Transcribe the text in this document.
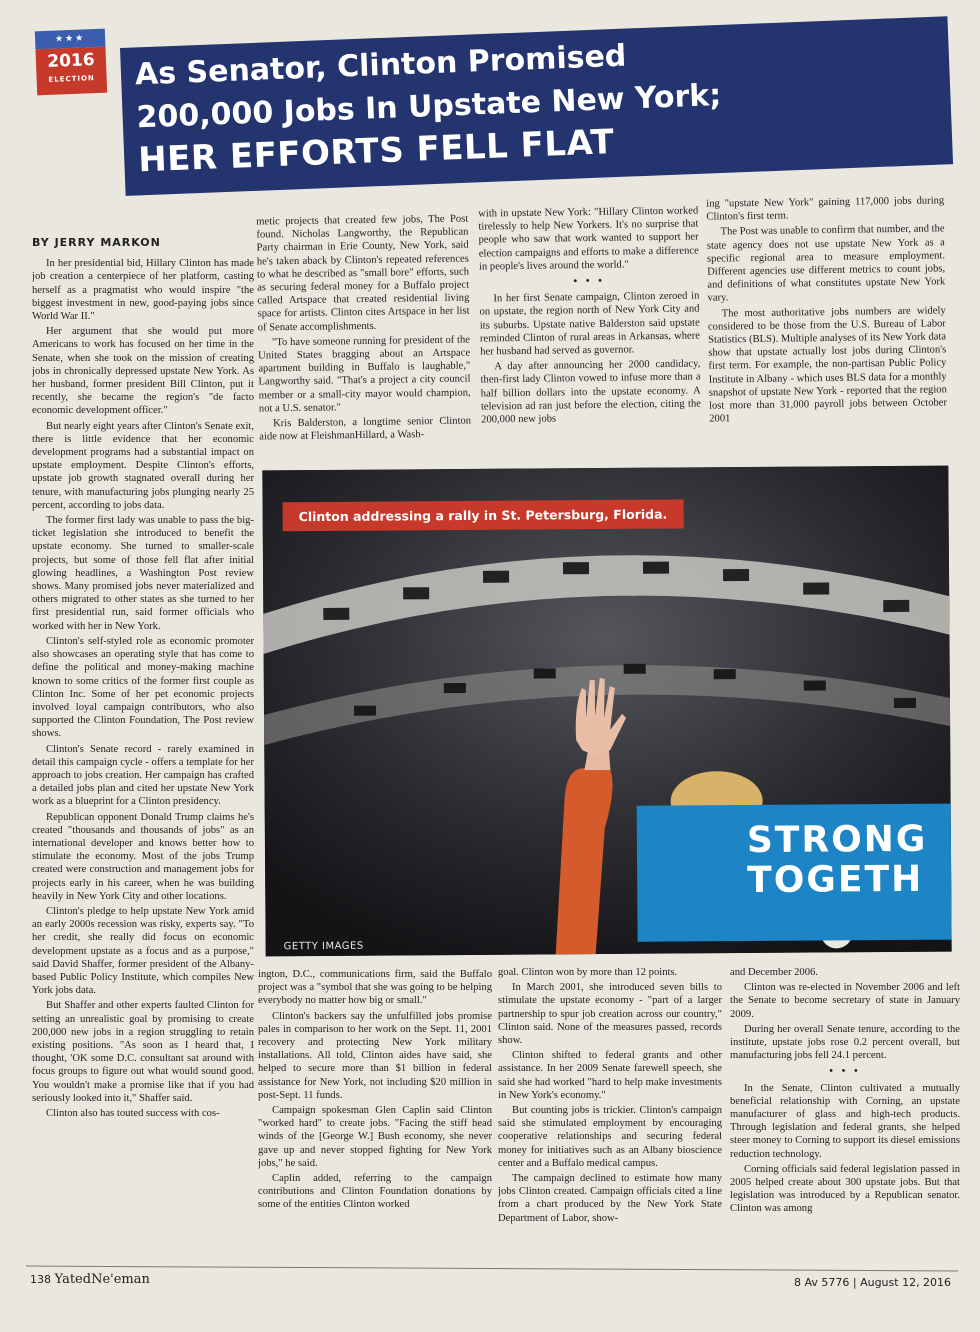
★★★
2016
ELECTION	As Senator, Clinton Promised
200,000 Jobs In Upstate New York;
HER EFFORTS FELL FLAT
BY JERRY MARKON

In her presidential bid, Hillary Clinton has made job creation a centerpiece of her platform, casting herself as a pragmatist who would inspire "the biggest investment in new, good-paying jobs since World War II."

Her argument that she would put more Americans to work has focused on her time in the Senate, when she took on the mission of creating jobs in chronically depressed upstate New York. As her husband, former president Bill Clinton, put it recently, she became the region's "de facto economic development officer."

But nearly eight years after Clinton's Senate exit, there is little evidence that her economic development programs had a substantial impact on upstate employment. Despite Clinton's efforts, upstate job growth stagnated overall during her tenure, with manufacturing jobs plunging nearly 25 percent, according to jobs data.

The former first lady was unable to pass the big-ticket legislation she introduced to benefit the upstate economy. She turned to smaller-scale projects, but some of those fell flat after initial glowing headlines, a Washington Post review shows. Many promised jobs never materialized and others migrated to other states as she turned to her first presidential run, said former officials who worked with her in New York.

Clinton's self-styled role as economic promoter also showcases an operating style that has come to define the political and money-making machine known to some critics of the former first couple as Clinton Inc. Some of her pet economic projects involved loyal campaign contributors, who also supported the Clinton Foundation, The Post review shows.

Clinton's Senate record - rarely examined in detail this campaign cycle - offers a template for her approach to jobs creation. Her campaign has crafted a detailed jobs plan and cited her upstate New York work as a blueprint for a Clinton presidency.

Republican opponent Donald Trump claims he's created "thousands and thousands of jobs" as an international developer and knows better how to stimulate the economy. Most of the jobs Trump created were construction and management jobs for projects early in his career, when he was building heavily in New York City and other locations.

Clinton's pledge to help upstate New York amid an early 2000s recession was risky, experts say. "To her credit, she really did focus on economic development upstate as a focus and as a purpose," said David Shaffer, former president of the Albany-based Public Policy Institute, which compiles New York jobs data.

But Shaffer and other experts faulted Clinton for setting an unrealistic goal by promising to create 200,000 new jobs in a region struggling to retain existing positions. "As soon as I heard that, I thought, 'OK some D.C. consultant sat around with focus groups to figure out what would sound good. You wouldn't make a promise like that if you had seriously looked into it," Shaffer said.

Clinton also has touted success with cos-

metic projects that created few jobs, The Post found. Nicholas Langworthy, the Republican Party chairman in Erie County, New York, said he's taken aback by Clinton's repeated references to what he described as "small bore" efforts, such as securing federal money for a Buffalo project called Artspace that created residential living space for artists. Clinton cites Artspace in her list of Senate accomplishments.

"To have someone running for president of the United States bragging about an Artspace apartment building in Buffalo is laughable," Langworthy said. "That's a project a city council member or a small-city mayor would champion, not a U.S. senator."

Kris Balderston, a longtime senior Clinton aide now at FleishmanHillard, a Wash-

with in upstate New York: "Hillary Clinton worked tirelessly to help New Yorkers. It's no surprise that people who saw that work wanted to support her election campaigns and efforts to make a difference in people's lives around the world."

• • •

In her first Senate campaign, Clinton zeroed in on upstate, the region north of New York City and its suburbs. Upstate native Balderston said upstate reminded Clinton of rural areas in Arkansas, where her husband had served as governor.

A day after announcing her 2000 candidacy, then-first lady Clinton vowed to infuse more than a half billion dollars into the upstate economy. A television ad ran just before the election, citing the 200,000 new jobs

ing "upstate New York" gaining 117,000 jobs during Clinton's first term.

The Post was unable to confirm that number, and the state agency does not use upstate New York as a specific regional area to measure employment. Different agencies use different metrics to count jobs, and definitions of what constitutes upstate New York vary.

The most authoritative jobs numbers are widely considered to be those from the U.S. Bureau of Labor Statistics (BLS). Multiple analyses of its New York data show that upstate actually lost jobs during Clinton's first term. For example, the non-partisan Public Policy Institute in Albany - which uses BLS data for a monthly snapshot of upstate New York - reported that the region lost more than 31,000 payroll jobs between October 2001

STRONG
TOGETH
Clinton addressing a rally in St. Petersburg, Florida.
GETTY IMAGES

ington, D.C., communications firm, said the Buffalo project was a "symbol that she was going to be helping everybody no matter how big or small."

Clinton's backers say the unfulfilled jobs promise pales in comparison to her work on the Sept. 11, 2001 recovery and protecting New York military installations. All told, Clinton aides have said, she helped to secure more than $1 billion in federal assistance for New York, not including $20 million in post-Sept. 11 funds.

Campaign spokesman Glen Caplin said Clinton "worked hard" to create jobs. "Facing the stiff head winds of the [George W.] Bush economy, she never gave up and never stopped fighting for New York jobs," he said.

Caplin added, referring to the campaign contributions and Clinton Foundation donations by some of the entities Clinton worked

goal. Clinton won by more than 12 points.

In March 2001, she introduced seven bills to stimulate the upstate economy - "part of a larger partnership to spur job creation across our country," Clinton said. None of the measures passed, records show.

Clinton shifted to federal grants and other assistance. In her 2009 Senate farewell speech, she said she had worked "hard to help make investments in New York's economy."

But counting jobs is trickier. Clinton's campaign said she stimulated employment by encouraging cooperative relationships and securing federal money for initiatives such as an Albany bioscience center and a Buffalo medical campus.

The campaign declined to estimate how many jobs Clinton created. Campaign officials cited a line from a chart produced by the New York State Department of Labor, show-

and December 2006.

Clinton was re-elected in November 2006 and left the Senate to become secretary of state in January 2009.

During her overall Senate tenure, according to the institute, upstate jobs rose 0.2 percent overall, but manufacturing jobs fell 24.1 percent.

• • •

In the Senate, Clinton cultivated a mutually beneficial relationship with Corning, an upstate manufacturer of glass and high-tech products. Through legislation and federal grants, she helped steer money to Corning to support its diesel emissions reduction technology.

Corning officials said federal legislation passed in 2005 helped create about 300 upstate jobs. But that legislation was introduced by a Republican senator. Clinton was among

138 YatedNe'eman	8 Av 5776 | August 12, 2016
